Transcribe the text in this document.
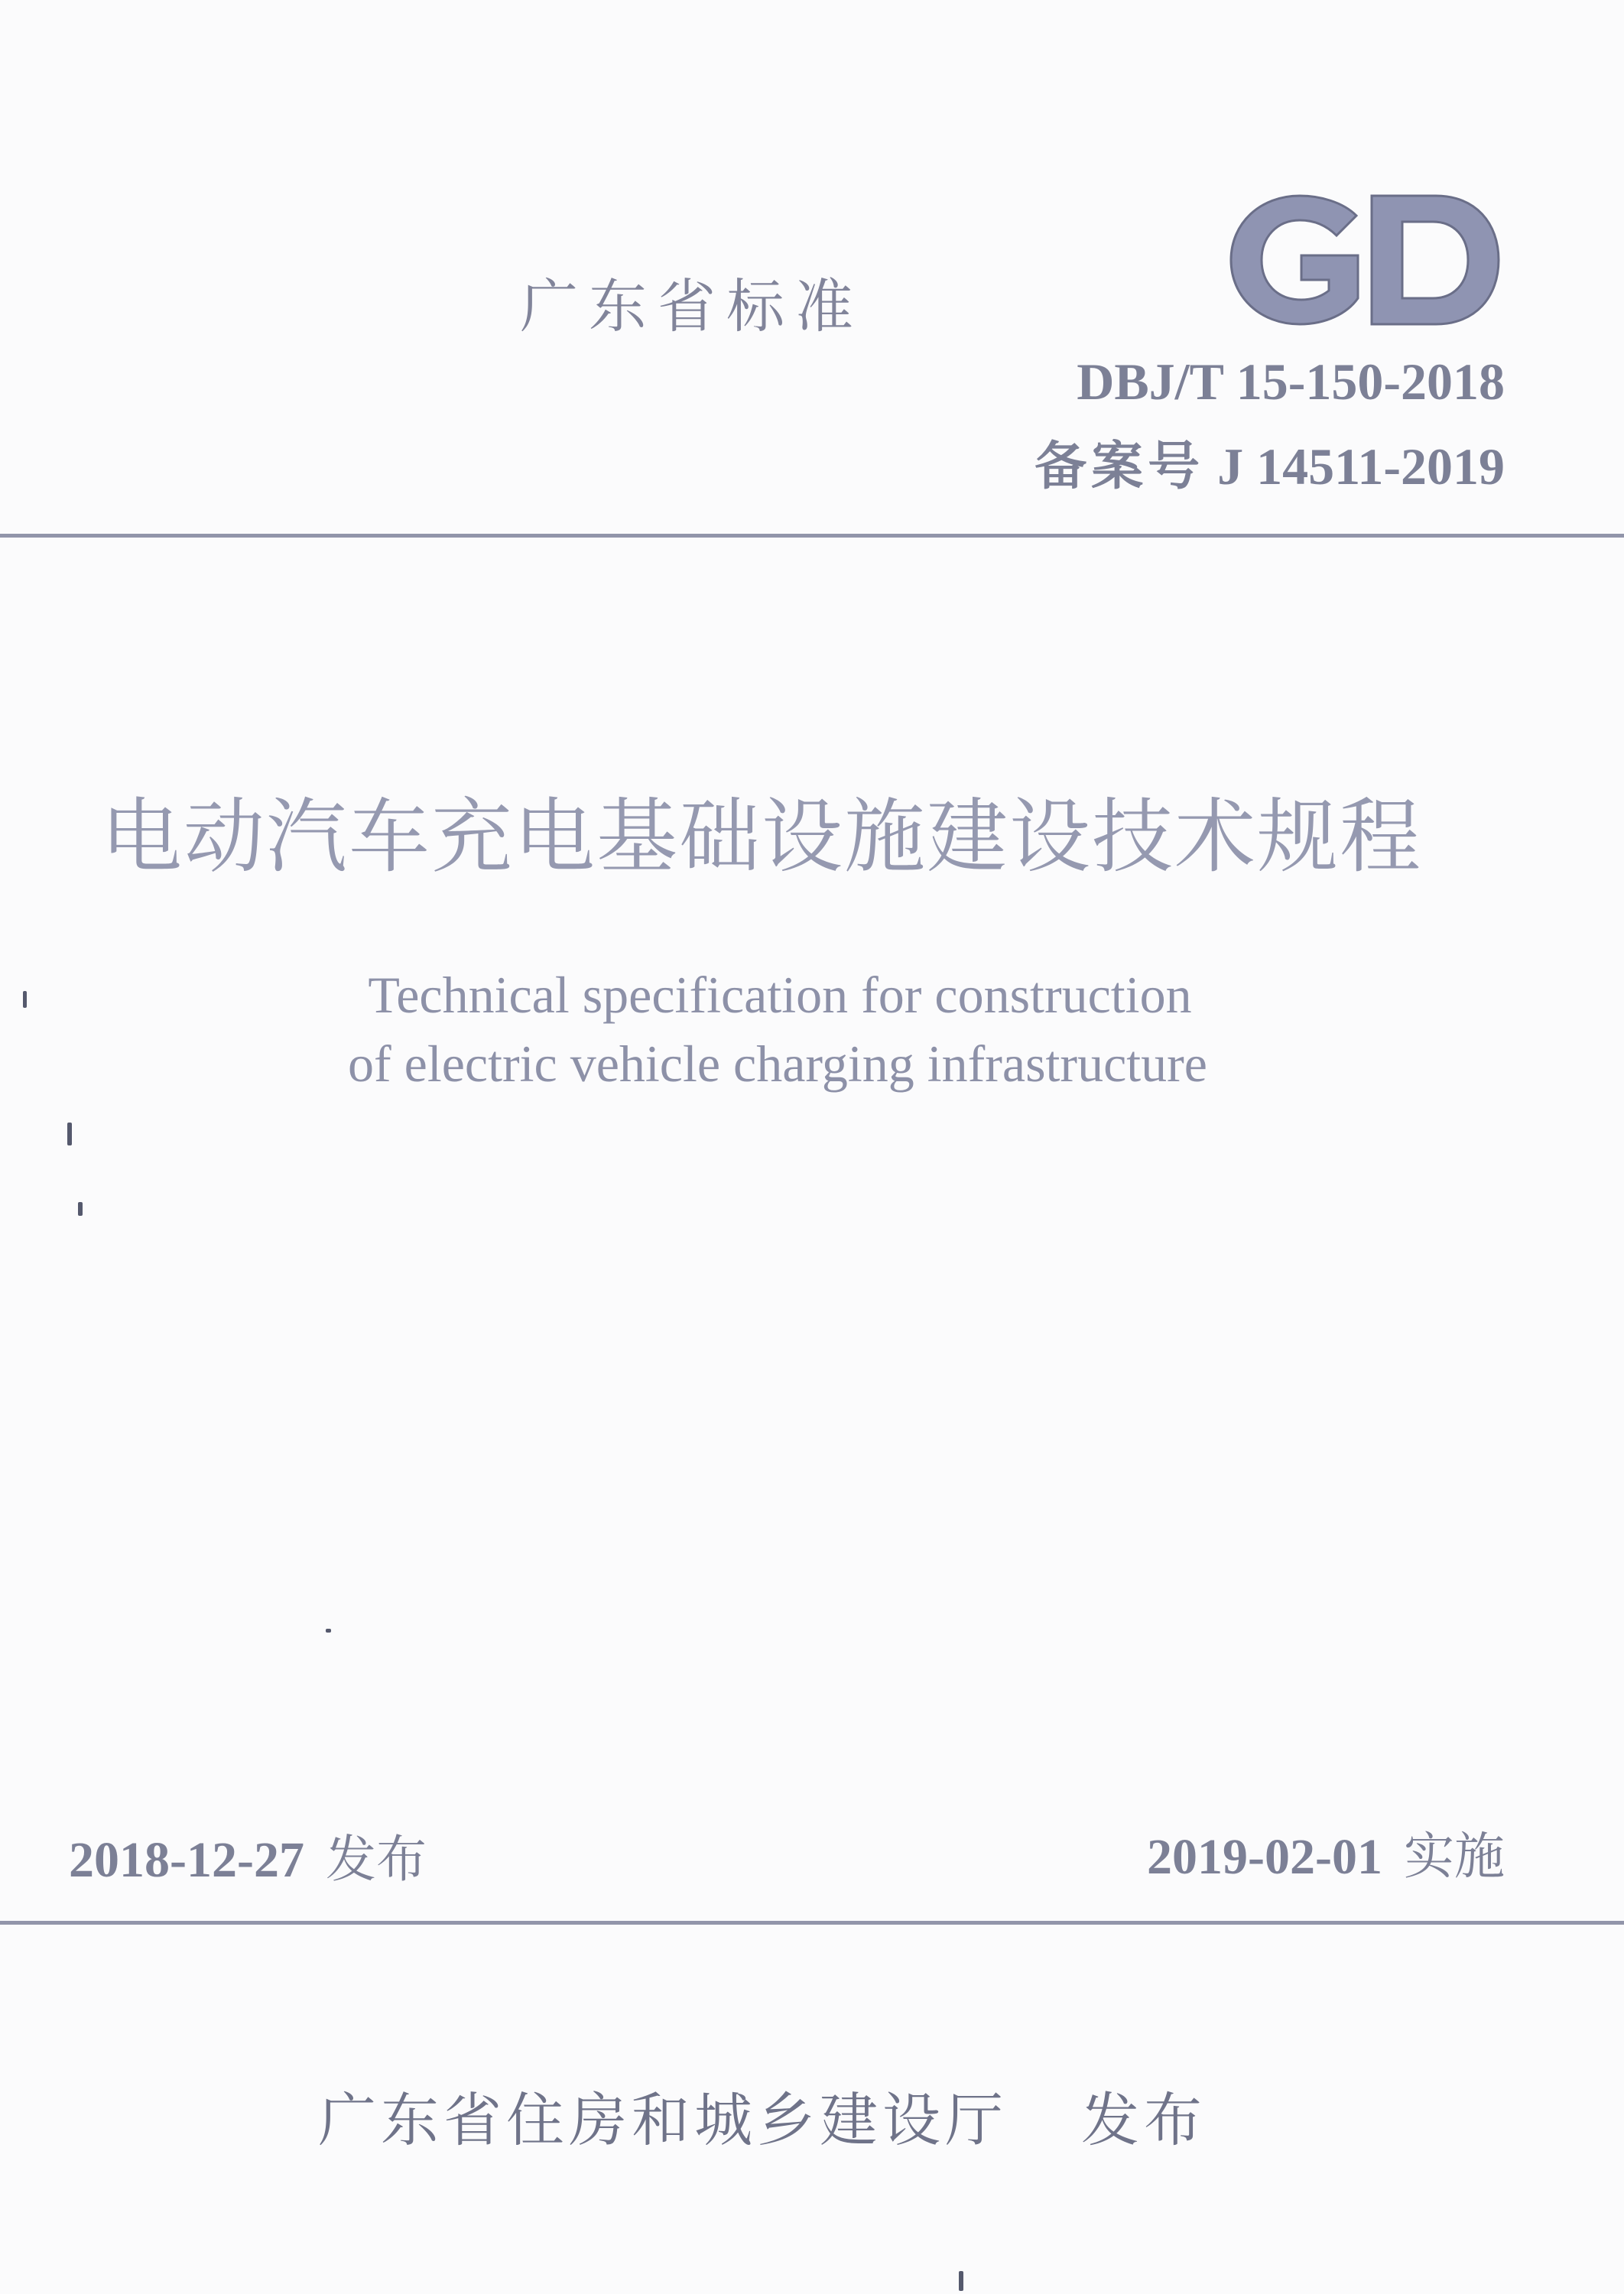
广东省标准
DBJ/T 15-150-2018
备案号 J 14511-2019
电动汽车充电基础设施建设技术规程
Technical specification for construction
of electric vehicle charging infrastructure
2018-12-27 发布	2019-02-01 实施
广东省住房和城乡建设厅 发布
